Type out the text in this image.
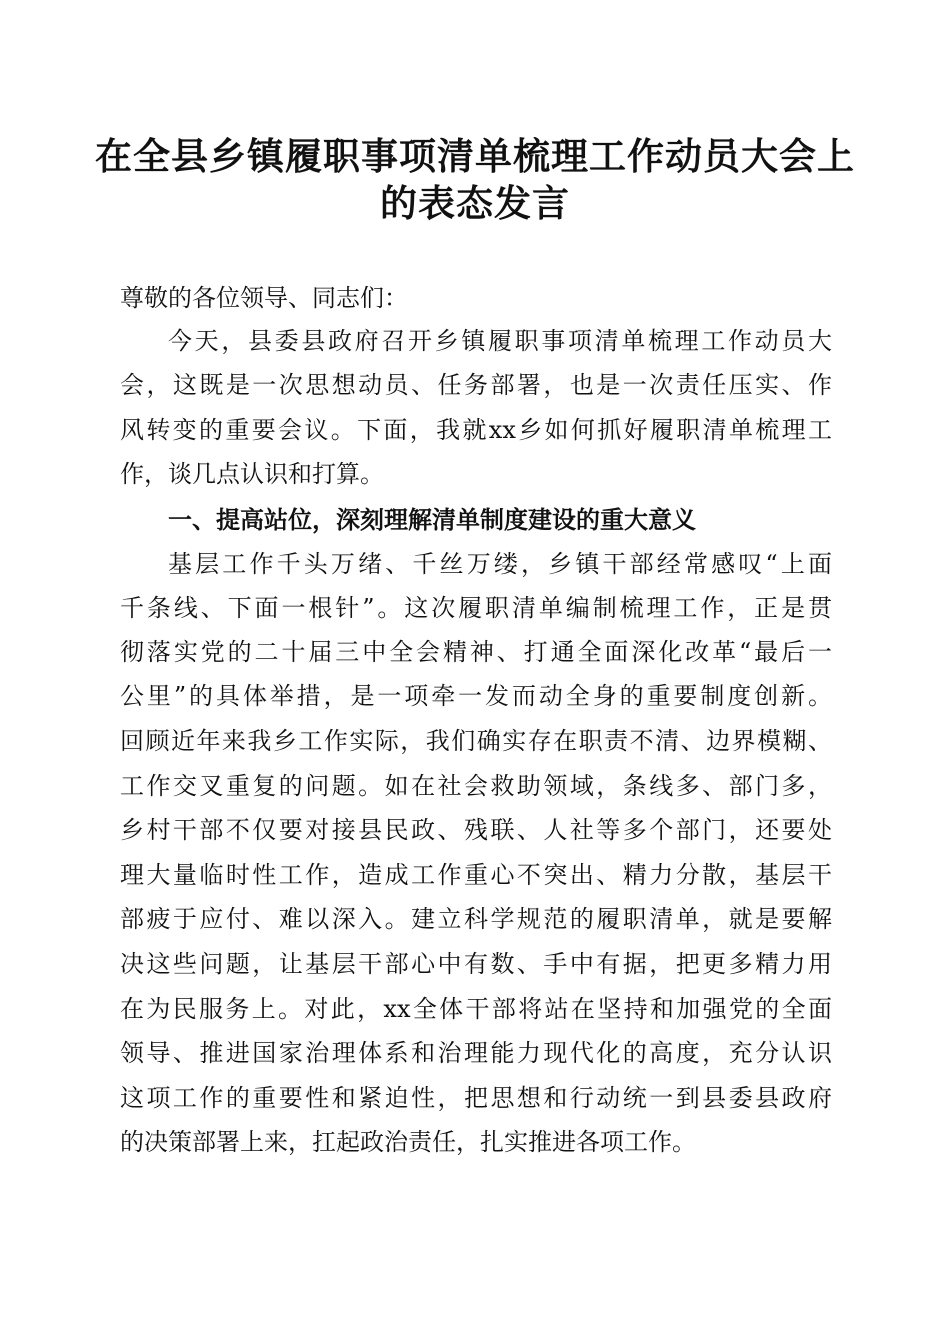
在全县乡镇履职事项清单梳理工作动员大会上
的表态发言
尊敬的各位领导、同志们：
今天，县委县政府召开乡镇履职事项清单梳理工作动员大
会，这既是一次思想动员、任务部署，也是一次责任压实、作
风转变的重要会议。下面，我就xx乡如何抓好履职清单梳理工
作，谈几点认识和打算。
一、提高站位，深刻理解清单制度建设的重大意义
基层工作千头万绪、千丝万缕，乡镇干部经常感叹“上面
千条线、下面一根针”。这次履职清单编制梳理工作，正是贯
彻落实党的二十届三中全会精神、打通全面深化改革“最后一
公里”的具体举措，是一项牵一发而动全身的重要制度创新。
回顾近年来我乡工作实际，我们确实存在职责不清、边界模糊、
工作交叉重复的问题。如在社会救助领域，条线多、部门多，
乡村干部不仅要对接县民政、残联、人社等多个部门，还要处
理大量临时性工作，造成工作重心不突出、精力分散，基层干
部疲于应付、难以深入。建立科学规范的履职清单，就是要解
决这些问题，让基层干部心中有数、手中有据，把更多精力用
在为民服务上。对此，xx全体干部将站在坚持和加强党的全面
领导、推进国家治理体系和治理能力现代化的高度，充分认识
这项工作的重要性和紧迫性，把思想和行动统一到县委县政府
的决策部署上来，扛起政治责任，扎实推进各项工作。
